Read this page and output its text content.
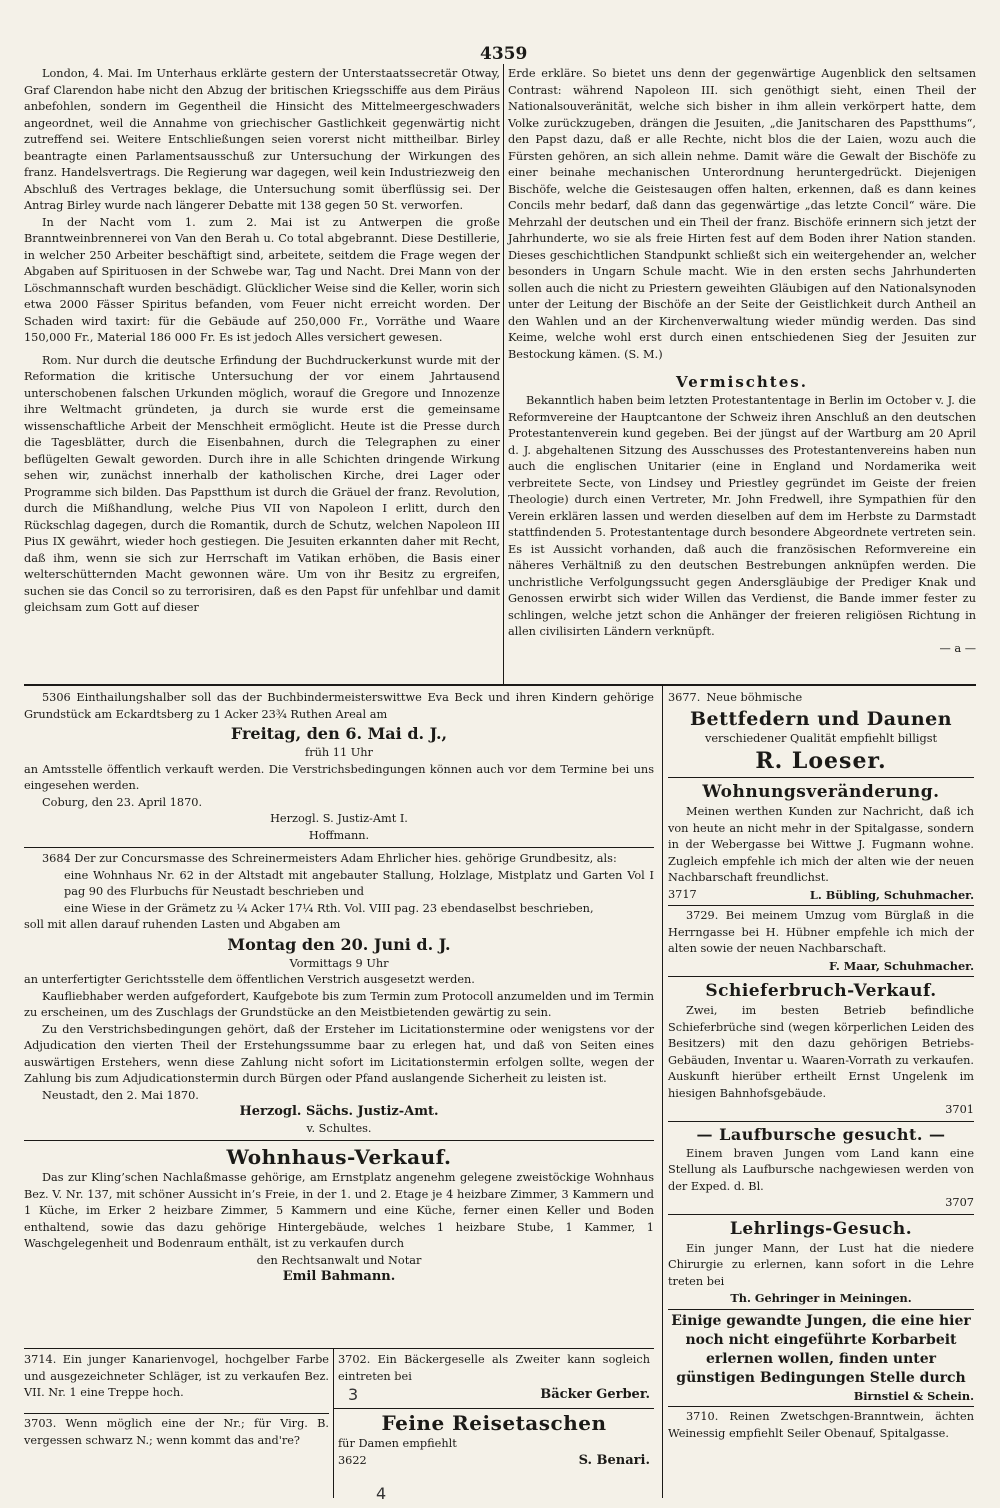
4359

London, 4. Mai. Im Unterhaus erklärte gestern der Unterstaatssecretär Otway, Graf Clarendon habe nicht den Abzug der britischen Kriegsschiffe aus dem Piräus anbefohlen, sondern im Gegentheil die Hinsicht des Mittelmeergeschwaders angeordnet, weil die Annahme von griechischer Gastlichkeit gegenwärtig nicht zutreffend sei. Weitere Entschließungen seien vorerst nicht mittheilbar. Birley beantragte einen Parlamentsausschuß zur Untersuchung der Wirkungen des franz. Handelsvertrags. Die Regierung war dagegen, weil kein Industriezweig den Abschluß des Vertrages beklage, die Untersuchung somit überflüssig sei. Der Antrag Birley wurde nach längerer Debatte mit 138 gegen 50 St. verworfen.

In der Nacht vom 1. zum 2. Mai ist zu Antwerpen die große Branntweinbrennerei von Van den Berah u. Co total abgebrannt. Diese Destillerie, in welcher 250 Arbeiter beschäftigt sind, arbeitete, seitdem die Frage wegen der Abgaben auf Spirituosen in der Schwebe war, Tag und Nacht. Drei Mann von der Löschmannschaft wurden beschädigt. Glücklicher Weise sind die Keller, worin sich etwa 2000 Fässer Spiritus befanden, vom Feuer nicht erreicht worden. Der Schaden wird taxirt: für die Gebäude auf 250,000 Fr., Vorräthe und Waare 150,000 Fr., Material 186 000 Fr. Es ist jedoch Alles versichert gewesen.

Rom. Nur durch die deutsche Erfindung der Buchdruckerkunst wurde mit der Reformation die kritische Untersuchung der vor einem Jahrtausend unterschobenen falschen Urkunden möglich, worauf die Gregore und Innozenze ihre Weltmacht gründeten, ja durch sie wurde erst die gemeinsame wissenschaftliche Arbeit der Menschheit ermöglicht. Heute ist die Presse durch die Tagesblätter, durch die Eisenbahnen, durch die Telegraphen zu einer beflügelten Gewalt geworden. Durch ihre in alle Schichten dringende Wirkung sehen wir, zunächst innerhalb der katholischen Kirche, drei Lager oder Programme sich bilden. Das Papstthum ist durch die Gräuel der franz. Revolution, durch die Mißhandlung, welche Pius VII von Napoleon I erlitt, durch den Rückschlag dagegen, durch die Romantik, durch de Schutz, welchen Napoleon III Pius IX gewährt, wieder hoch gestiegen. Die Jesuiten erkannten daher mit Recht, daß ihm, wenn sie sich zur Herrschaft im Vatikan erhöben, die Basis einer welterschütternden Macht gewonnen wäre. Um von ihr Besitz zu ergreifen, suchen sie das Concil so zu terrorisiren, daß es den Papst für unfehlbar und damit gleichsam zum Gott auf dieser

Erde erkläre. So bietet uns denn der gegenwärtige Augenblick den seltsamen Contrast: während Napoleon III. sich genöthigt sieht, einen Theil der Nationalsouveränität, welche sich bisher in ihm allein verkörpert hatte, dem Volke zurückzugeben, drängen die Jesuiten, „die Janitscharen des Papstthums“, den Papst dazu, daß er alle Rechte, nicht blos die der Laien, wozu auch die Fürsten gehören, an sich allein nehme. Damit wäre die Gewalt der Bischöfe zu einer beinahe mechanischen Unterordnung heruntergedrückt. Diejenigen Bischöfe, welche die Geistesaugen offen halten, erkennen, daß es dann keines Concils mehr bedarf, daß dann das gegenwärtige „das letzte Concil“ wäre. Die Mehrzahl der deutschen und ein Theil der franz. Bischöfe erinnern sich jetzt der Jahrhunderte, wo sie als freie Hirten fest auf dem Boden ihrer Nation standen. Dieses geschichtlichen Standpunkt schließt sich ein weitergehender an, welcher besonders in Ungarn Schule macht. Wie in den ersten sechs Jahrhunderten sollen auch die nicht zu Priestern geweihten Gläubigen auf den Nationalsynoden unter der Leitung der Bischöfe an der Seite der Geistlichkeit durch Antheil an den Wahlen und an der Kirchenverwaltung wieder mündig werden. Das sind Keime, welche wohl erst durch einen entschiedenen Sieg der Jesuiten zur Bestockung kämen. (S. M.)

Vermischtes.

Bekanntlich haben beim letzten Protestantentage in Berlin im October v. J. die Reformvereine der Hauptcantone der Schweiz ihren Anschluß an den deutschen Protestantenverein kund gegeben. Bei der jüngst auf der Wartburg am 20 April d. J. abgehaltenen Sitzung des Ausschusses des Protestantenvereins haben nun auch die englischen Unitarier (eine in England und Nordamerika weit verbreitete Secte, von Lindsey und Priestley gegründet im Geiste der freien Theologie) durch einen Vertreter, Mr. John Fredwell, ihre Sympathien für den Verein erklären lassen und werden dieselben auf dem im Herbste zu Darmstadt stattfindenden 5. Protestantentage durch besondere Abgeordnete vertreten sein. Es ist Aussicht vorhanden, daß auch die französischen Reformvereine ein näheres Verhältniß zu den deutschen Bestrebungen anknüpfen werden. Die unchristliche Verfolgungssucht gegen Andersgläubige der Prediger Knak und Genossen erwirbt sich wider Willen das Verdienst, die Bande immer fester zu schlingen, welche jetzt schon die Anhänger der freieren religiösen Richtung in allen civilisirten Ländern verknüpft.

— a —

5306 Einthailungshalber soll das der Buchbindermeisterswittwe Eva Beck und ihren Kindern gehörige Grundstück am Eckardtsberg zu 1 Acker 23¾ Ruthen Areal am

Freitag, den 6. Mai d. J.,

früh 11 Uhr

an Amtsstelle öffentlich verkauft werden. Die Verstrichsbedingungen können auch vor dem Termine bei uns eingesehen werden.

Coburg, den 23. April 1870.

Herzogl. S. Justiz-Amt I.

Hoffmann.

3684 Der zur Concursmasse des Schreinermeisters Adam Ehrlicher hies. gehörige Grundbesitz, als:

eine Wohnhaus Nr. 62 in der Altstadt mit angebauter Stallung, Holzlage, Mistplatz und Garten Vol I pag 90 des Flurbuchs für Neustadt beschrieben und

eine Wiese in der Grämetz zu ¼ Acker 17¼ Rth. Vol. VIII pag. 23 ebendaselbst beschrieben,

soll mit allen darauf ruhenden Lasten und Abgaben am

Montag den 20. Juni d. J.

Vormittags 9 Uhr

an unterfertigter Gerichtsstelle dem öffentlichen Verstrich ausgesetzt werden.

Kaufliebhaber werden aufgefordert, Kaufgebote bis zum Termin zum Protocoll anzumelden und im Termin zu erscheinen, um des Zuschlags der Grundstücke an den Meistbietenden gewärtig zu sein.

Zu den Verstrichsbedingungen gehört, daß der Ersteher im Licitationstermine oder wenigstens vor der Adjudication den vierten Theil der Erstehungssumme baar zu erlegen hat, und daß von Seiten eines auswärtigen Erstehers, wenn diese Zahlung nicht sofort im Licitationstermin erfolgen sollte, wegen der Zahlung bis zum Adjudicationstermin durch Bürgen oder Pfand auslangende Sicherheit zu leisten ist.

Neustadt, den 2. Mai 1870.

Herzogl. Sächs. Justiz-Amt.

v. Schultes.

Wohnhaus-Verkauf.

Das zur Kling’schen Nachlaßmasse gehörige, am Ernstplatz angenehm gelegene zweistöckige Wohnhaus Bez. V. Nr. 137, mit schöner Aussicht in’s Freie, in der 1. und 2. Etage je 4 heizbare Zimmer, 3 Kammern und 1 Küche, im Erker 2 heizbare Zimmer, 5 Kammern und eine Küche, ferner einen Keller und Boden enthaltend, sowie das dazu gehörige Hintergebäude, welches 1 heizbare Stube, 1 Kammer, 1 Waschgelegenheit und Bodenraum enthält, ist zu verkaufen durch

den Rechtsanwalt und Notar

Emil Bahmann.

3714. Ein junger Kanarienvogel, hochgelber Farbe und ausgezeichneter Schläger, ist zu verkaufen Bez. VII. Nr. 1 eine Treppe hoch.

3702. Ein Bäckergeselle als Zweiter kann sogleich eintreten bei

3	Bäcker Gerber.

3703. Wenn möglich eine der Nr.; für Virg. B. vergessen schwarz N.; wenn kommt das and're?

Feine Reisetaschen

für Damen empfiehlt

3622	S. Benari.

4

3677. Neue böhmische

Bettfedern und Daunen

verschiedener Qualität empfiehlt billigst

R. Loeser.

Wohnungsveränderung.

Meinen werthen Kunden zur Nachricht, daß ich von heute an nicht mehr in der Spitalgasse, sondern in der Webergasse bei Wittwe J. Fugmann wohne. Zugleich empfehle ich mich der alten wie der neuen Nachbarschaft freundlichst.

3717	L. Bübling, Schuhmacher.

3729. Bei meinem Umzug vom Bürglaß in die Herrngasse bei H. Hübner empfehle ich mich der alten sowie der neuen Nachbarschaft.

F. Maar, Schuhmacher.

Schieferbruch-Verkauf.

Zwei, im besten Betrieb befindliche Schieferbrüche sind (wegen körperlichen Leiden des Besitzers) mit den dazu gehörigen Betriebs-Gebäuden, Inventar u. Waaren-Vorrath zu verkaufen. Auskunft hierüber ertheilt Ernst Ungelenk im hiesigen Bahnhofsgebäude.

3701

— Laufbursche gesucht. —

Einem braven Jungen vom Land kann eine Stellung als Laufbursche nachgewiesen werden von der Exped. d. Bl.

3707

Lehrlings-Gesuch.

Ein junger Mann, der Lust hat die niedere Chirurgie zu erlernen, kann sofort in die Lehre treten bei

Th. Gehringer in Meiningen.

Einige gewandte Jungen, die eine hier noch nicht eingeführte Korbarbeit erlernen wollen, finden unter günstigen Bedingungen Stelle durch

Birnstiel & Schein.

3710. Reinen Zwetschgen-Branntwein, ächten Weinessig empfiehlt Seiler Obenauf, Spitalgasse.
